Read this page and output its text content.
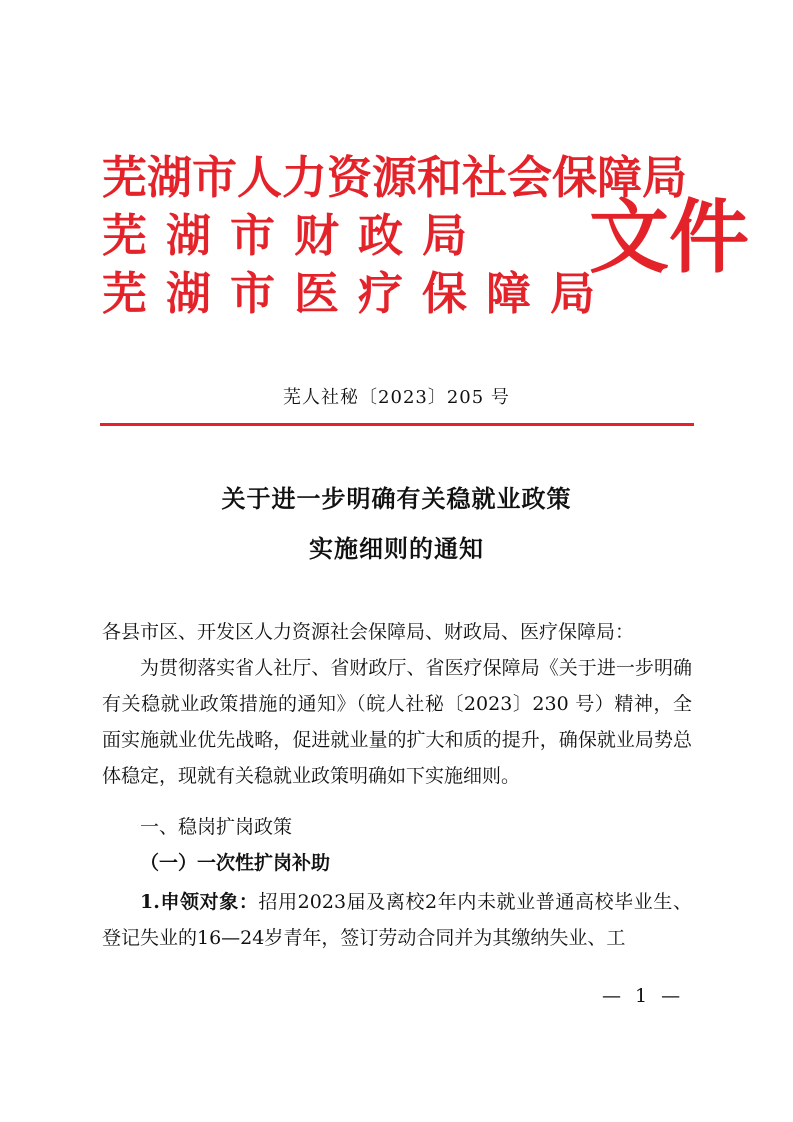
芜湖市人力资源和社会保障局
芜湖市财政局
芜湖市医疗保障局
文件
芜人社秘〔2023〕205 号
关于进一步明确有关稳就业政策
实施细则的通知
各县市区、开发区人力资源社会保障局、财政局、医疗保障局：

为贯彻落实省人社厅、省财政厅、省医疗保障局《关于进一步明确有关稳就业政策措施的通知》（皖人社秘〔2023〕230 号）精神，全面实施就业优先战略，促进就业量的扩大和质的提升，确保就业局势总体稳定，现就有关稳就业政策明确如下实施细则。

一、稳岗扩岗政策
（一）一次性扩岗补助

1.申领对象：招用2023届及离校2年内未就业普通高校毕业生、登记失业的16—24岁青年，签订劳动合同并为其缴纳失业、工

— 1 —
